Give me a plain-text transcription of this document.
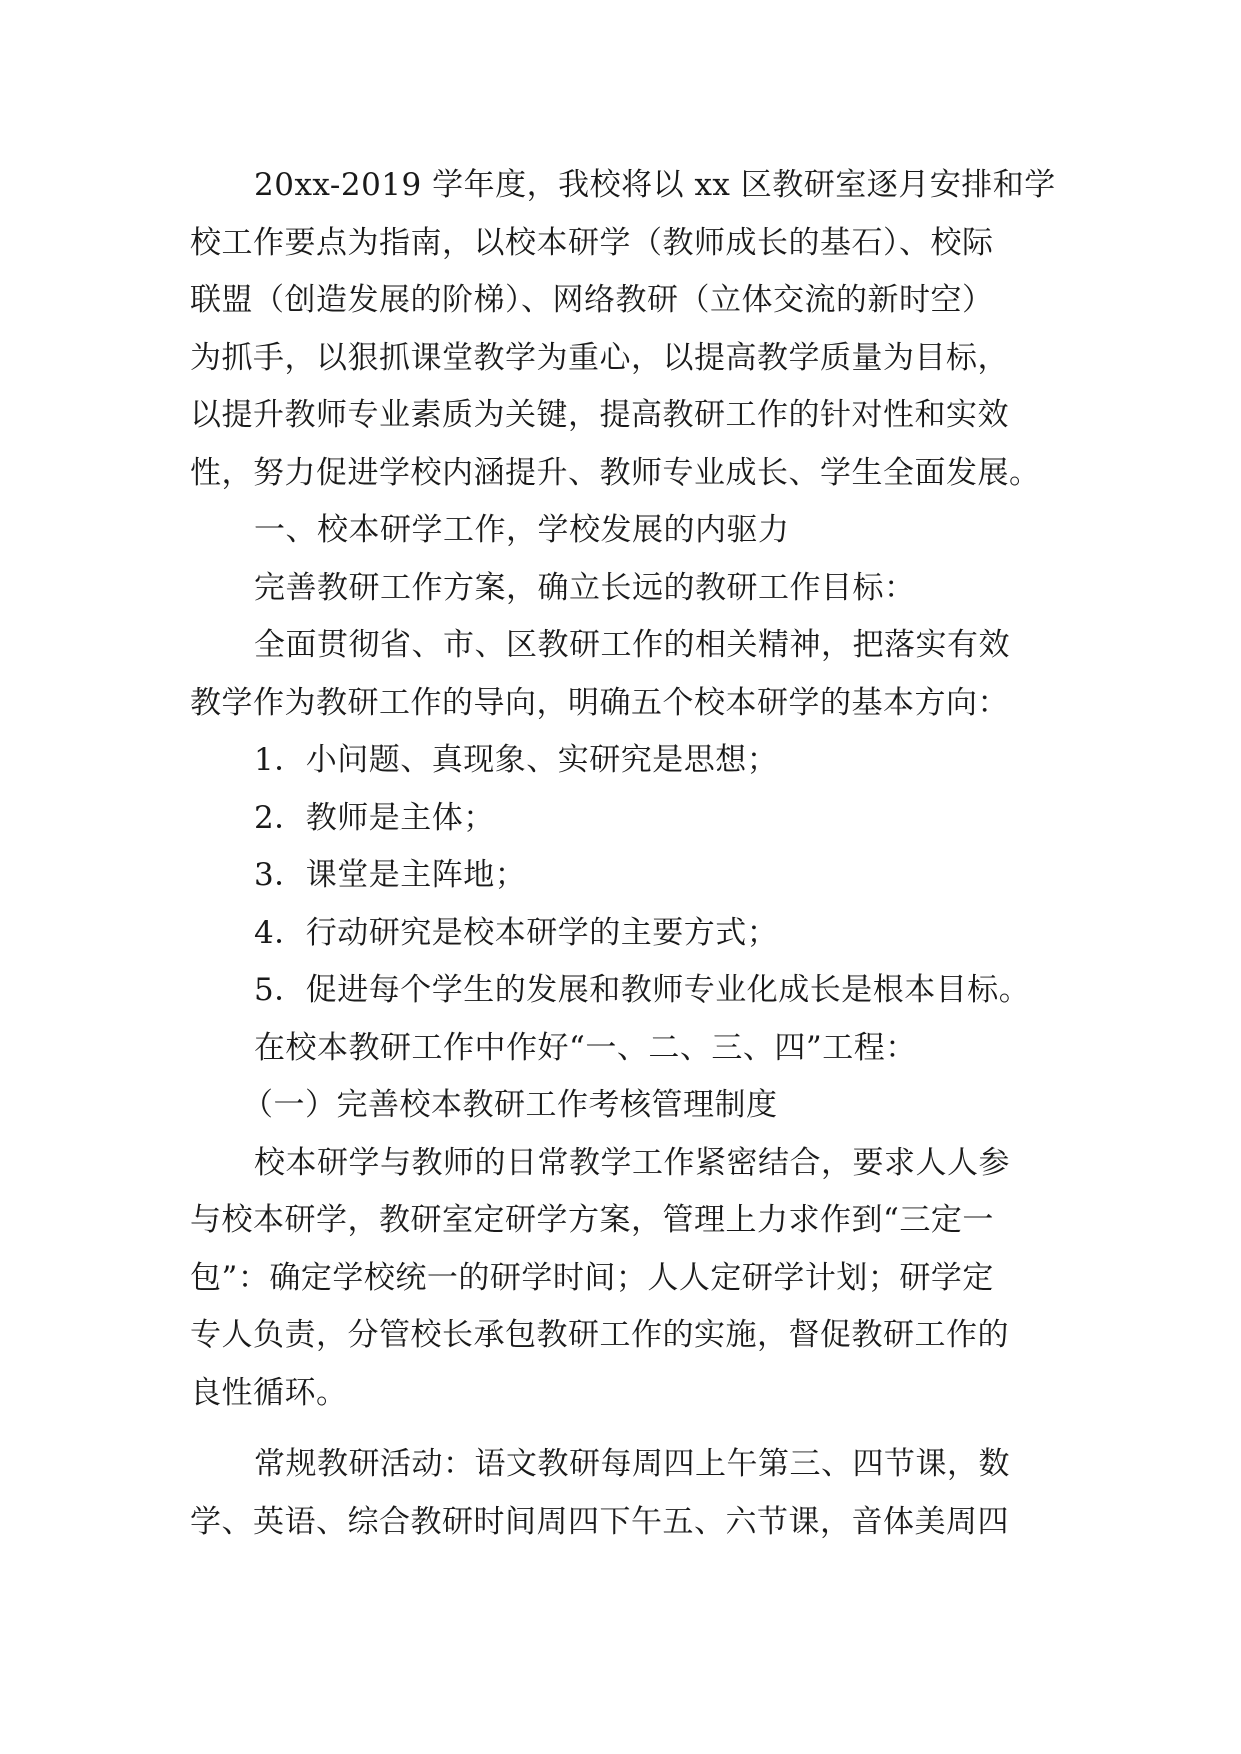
20xx-2019 学年度，我校将以 xx 区教研室逐月安排和学
校工作要点为指南，以校本研学（教师成长的基石）、校际
联盟（创造发展的阶梯）、网络教研（立体交流的新时空）
为抓手，以狠抓课堂教学为重心，以提高教学质量为目标，
以提升教师专业素质为关键，提高教研工作的针对性和实效
性，努力促进学校内涵提升、教师专业成长、学生全面发展。
一、校本研学工作，学校发展的内驱力
完善教研工作方案，确立长远的教研工作目标：
全面贯彻省、市、区教研工作的相关精神，把落实有效
教学作为教研工作的导向，明确五个校本研学的基本方向：
1．小问题、真现象、实研究是思想；
2．教师是主体；
3．课堂是主阵地；
4．行动研究是校本研学的主要方式；
5．促进每个学生的发展和教师专业化成长是根本目标。
在校本教研工作中作好“一、二、三、四”工程：
（一）完善校本教研工作考核管理制度
校本研学与教师的日常教学工作紧密结合，要求人人参
与校本研学，教研室定研学方案，管理上力求作到“三定一
包”：确定学校统一的研学时间；人人定研学计划；研学定
专人负责，分管校长承包教研工作的实施，督促教研工作的
良性循环。
常规教研活动：语文教研每周四上午第三、四节课，数
学、英语、综合教研时间周四下午五、六节课，音体美周四
